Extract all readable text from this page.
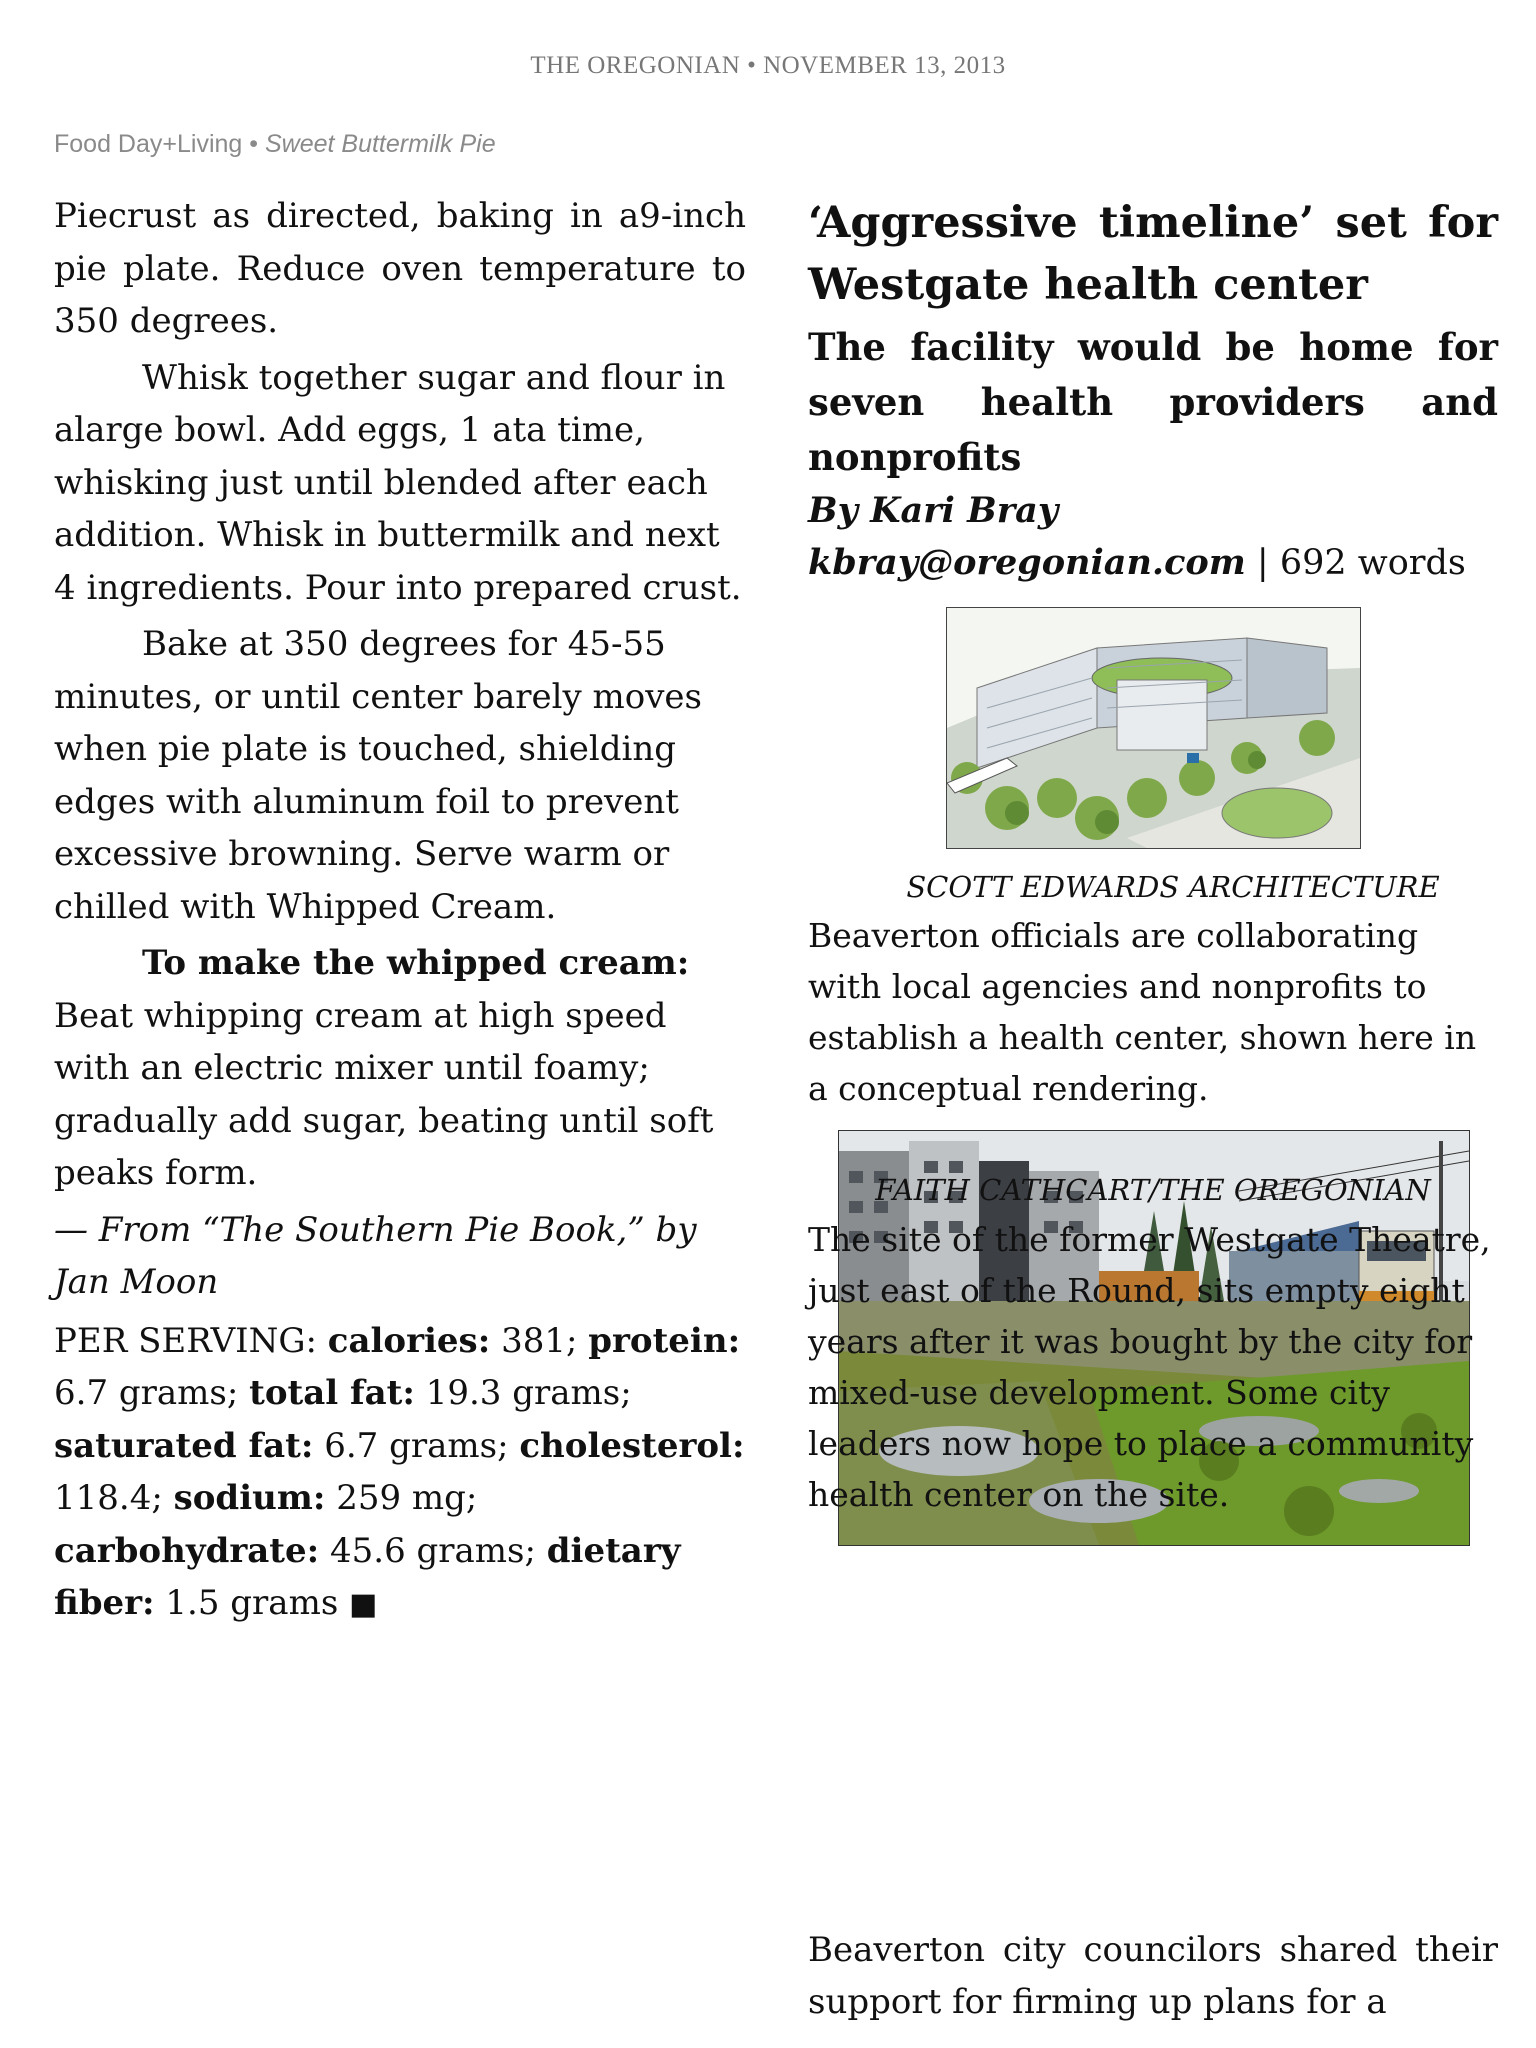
THE OREGONIAN • NOVEMBER 13, 2013
Food Day+Living • Sweet Buttermilk Pie

Piecrust as directed, baking in a9-inch pie plate. Reduce oven temperature to 350 degrees.

Whisk together sugar and flour in alarge bowl. Add eggs, 1 ata time, whisking just until blended after each addition. Whisk in buttermilk and next 4 ingredients. Pour into prepared crust.

Bake at 350 degrees for 45-55 minutes, or until center barely moves when pie plate is touched, shielding edges with aluminum foil to prevent excessive browning. Serve warm or chilled with Whipped Cream.

To make the whipped cream:

Beat whipping cream at high speed with an electric mixer until foamy; gradually add sugar, beating until soft peaks form.

— From “The Southern Pie Book,” by Jan Moon

PER SERVING: calories: 381; protein: 6.7 grams; total fat: 19.3 grams; saturated fat: 6.7 grams; cholesterol: 118.4; sodium: 259 mg; carbohydrate: 45.6 grams; dietary fiber: 1.5 grams ■

‘Aggressive timeline’ set for Westgate health center
The facility would be home for
seven health providers and
nonprofits

By Kari Bray

kbray@oregonian.com | 692 words

SCOTT EDWARDS ARCHITECTURE
Beaverton officials are collaborating with local agencies and nonprofits to establish a health center, shown here in a conceptual rendering.
FAITH CATHCART/THE OREGONIAN
The site of the former Westgate Theatre, just east of the Round, sits empty eight years after it was bought by the city for mixed-use development. Some city leaders now hope to place a community health center on the site.
Beaverton city councilors shared their support for firming up plans for a
